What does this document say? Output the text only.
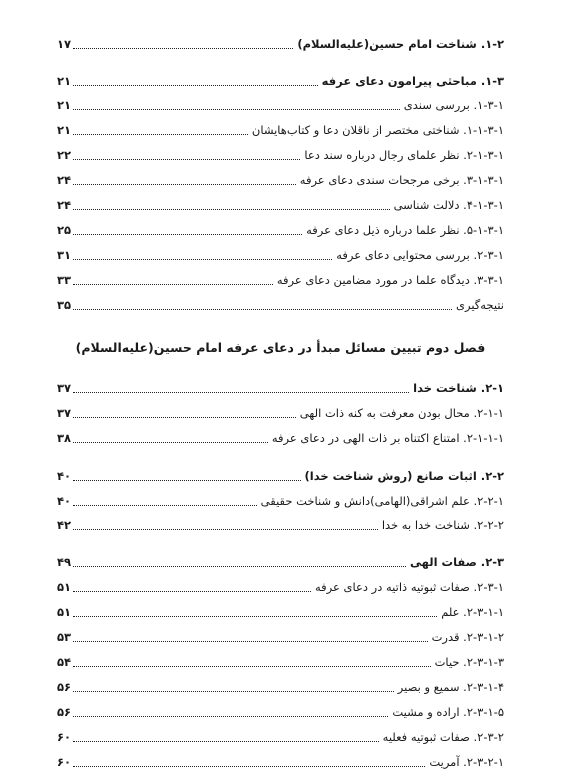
۱-۲. شناخت امام حسین(علیه‌السلام)
۱۷
۱-۳. مباحثی پیرامون دعای عرفه
۲۱
۱-۳-۱. بررسی سندی
۲۱
۱-۱-۳-۱. شناختی مختصر از ناقلان دعا و کتاب‌هایشان
۲۱
۲-۱-۳-۱. نظر علمای رجال درباره سند دعا
۲۲
۳-۱-۳-۱. برخی مرجحات سندی دعای عرفه
۲۴
۴-۱-۳-۱. دلالت شناسی
۲۴
۵-۱-۳-۱. نظر علما درباره ذیل دعای عرفه
۲۵
۲-۳-۱. بررسی محتوایی دعای عرفه
۳۱
۳-۳-۱. دیدگاه علما در مورد مضامین دعای عرفه
۳۳
نتیجه‌گیری
۳۵
فصل دوم تبیین مسائل مبدأ در دعای عرفه امام حسین(علیه‌السلام)
۲-۱. شناخت خدا
۳۷
۲-۱-۱. محال بودن معرفت به کنه ذات الهی
۳۷
۲-۱-۱-۱. امتناع اکتناه بر ذات الهی در دعای عرفه
۳۸
۲-۲. اثبات صانع (روش شناخت خدا)
۴۰
۲-۲-۱. علم اشراقی(الهامی)دانش و شناخت حقیقی
۴۰
۲-۲-۲. شناخت خدا به خدا
۴۲
۲-۳. صفات الهی
۴۹
۲-۳-۱. صفات ثبوتیه ذاتیه در دعای عرفه
۵۱
۲-۳-۱-۱. علم
۵۱
۲-۳-۱-۲. قدرت
۵۳
۲-۳-۱-۳. حیات
۵۴
۲-۳-۱-۴. سمیع و بصیر
۵۶
۲-۳-۱-۵. اراده و مشیت
۵۶
۲-۳-۲. صفات ثبوتیه فعلیه
۶۰
۲-۳-۲-۱. آمریت
۶۰
